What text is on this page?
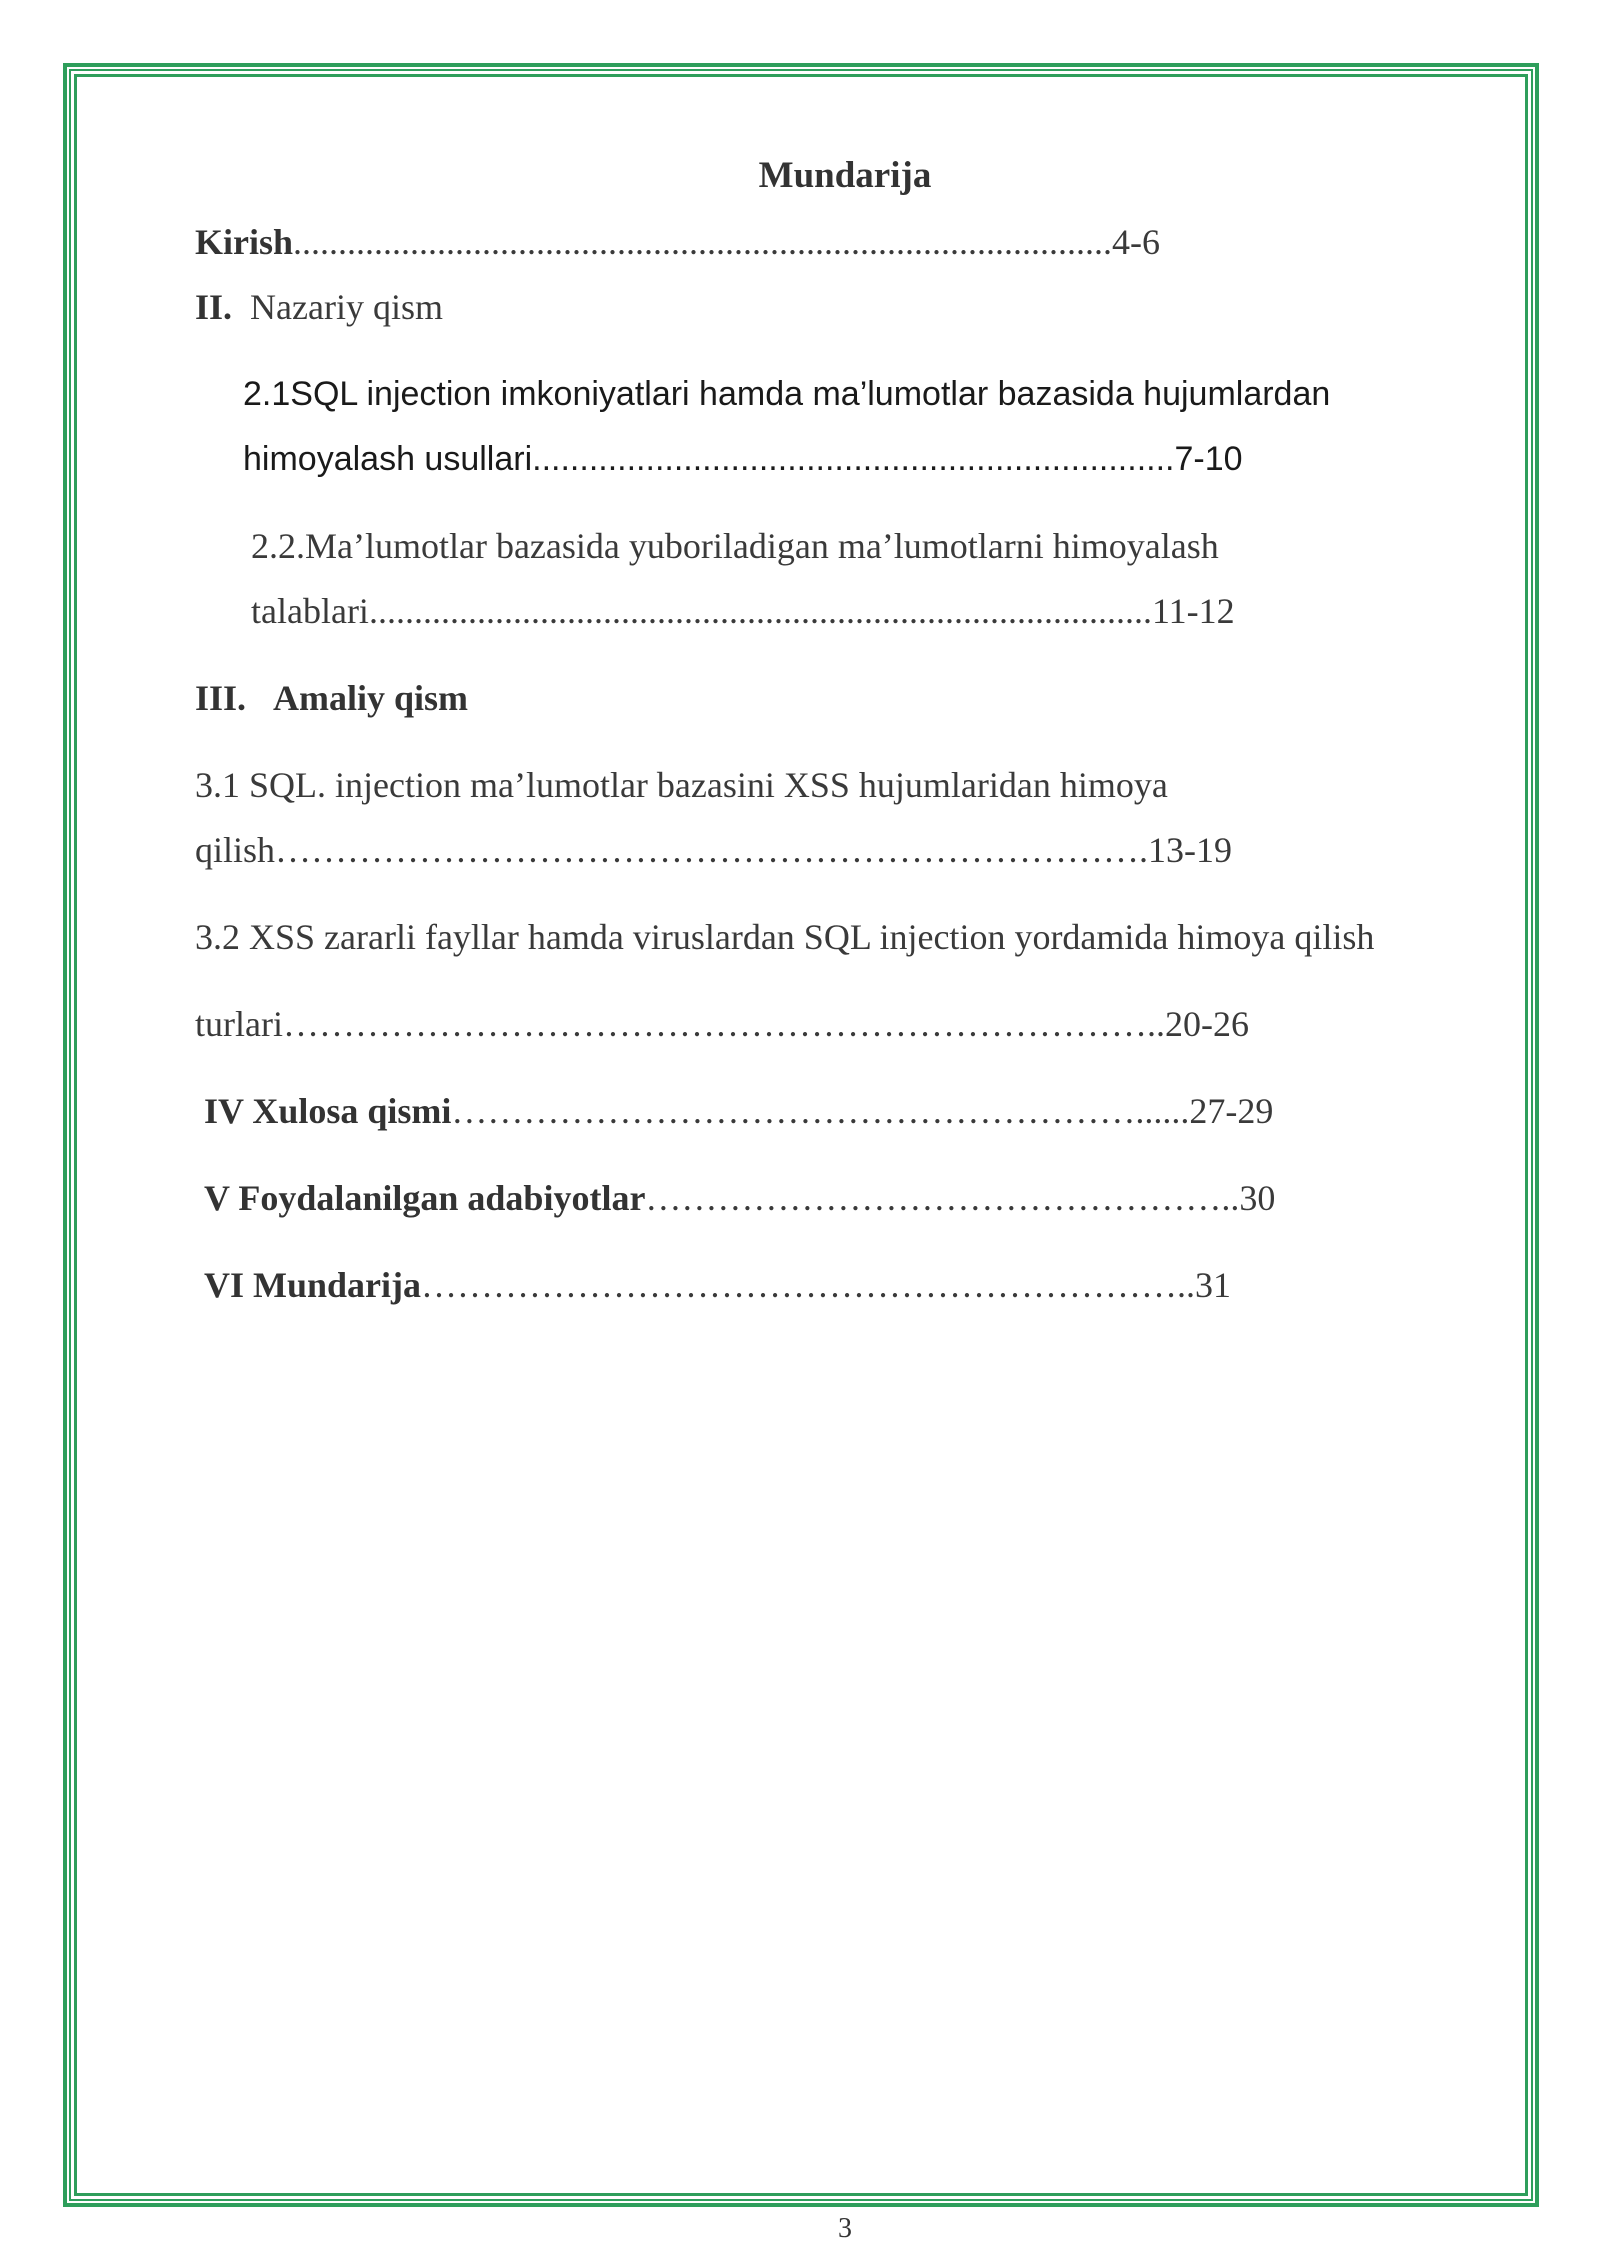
Mundarija
Kirish...........................................................................................4-6
II. Nazariy qism
2.1SQL injection imkoniyatlari hamda ma’lumotlar bazasida hujumlardan
himoyalash usullari....................................................................7-10
2.2.Ma’lumotlar bazasida yuboriladigan ma’lumotlarni himoyalash
talablari.......................................................................................11-12
III. Amaliy qism
3.1 SQL. injection ma’lumotlar bazasini XSS hujumlaridan himoya
qilish……………………………………………………………….13-19
3.2 XSS zararli fayllar hamda viruslardan SQL injection yordamida himoya qilish
turlari………………………………………………………………..20-26
IV Xulosa qismi…………………………………………………......27-29
V Foydalanilgan adabiyotlar…………………………………………..30
VI Mundarija………………………………………………………..31
3
